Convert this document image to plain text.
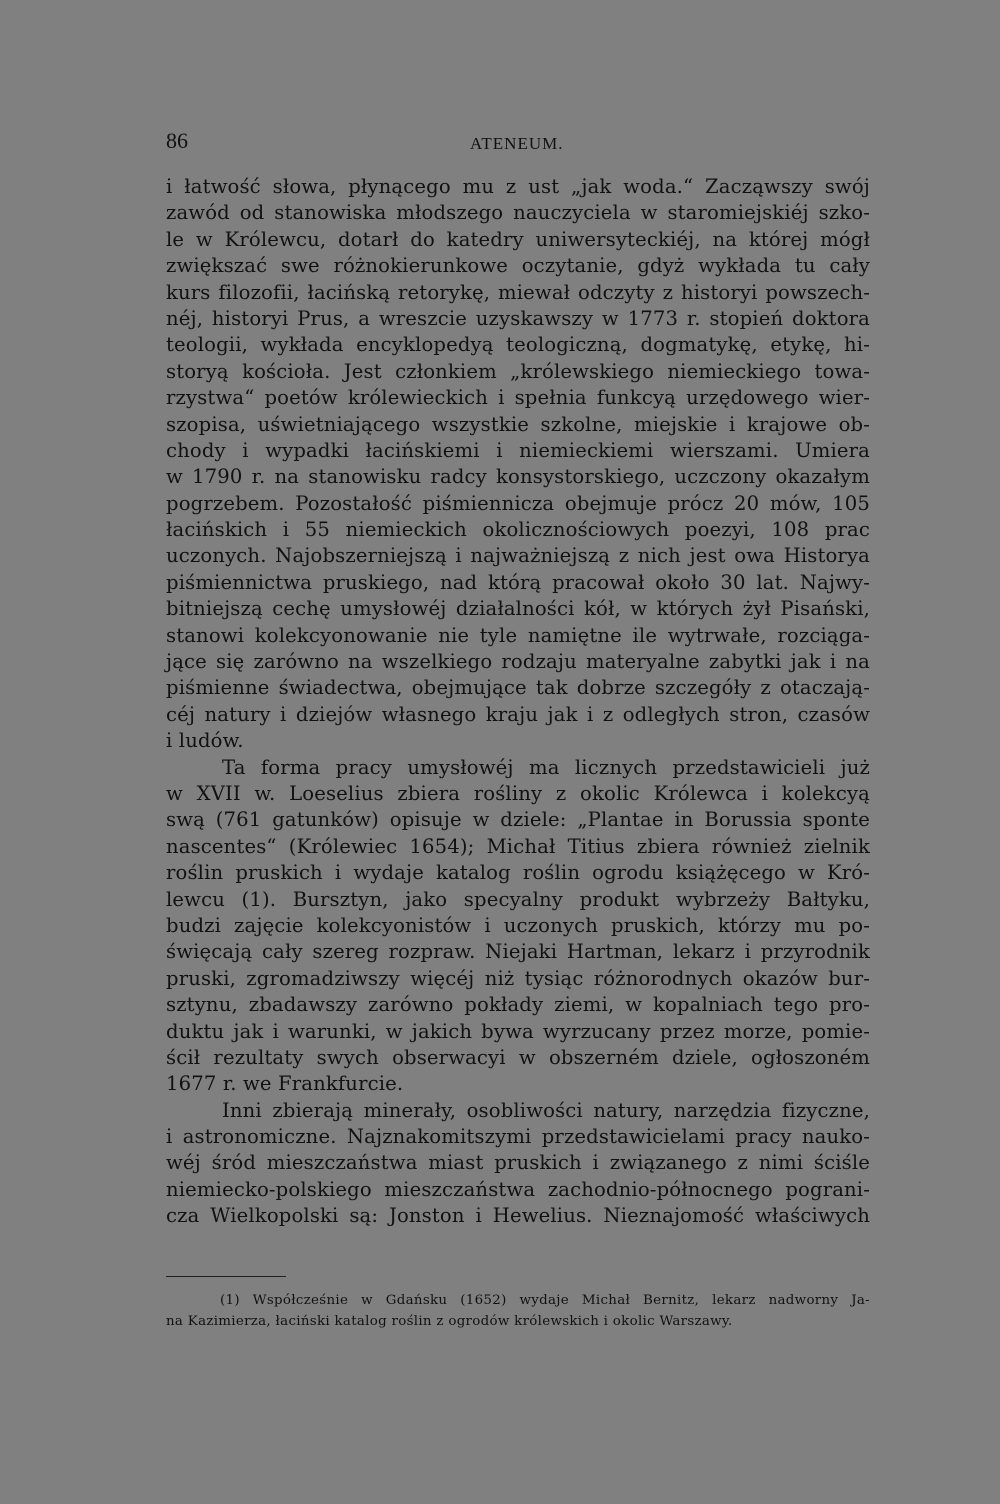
86	ATENEUM.
i łatwość słowa, płynącego mu z ust „jak woda.“ Zacząwszy swój
zawód od stanowiska młodszego nauczyciela w staromiejskiéj szko-
le w Królewcu, dotarł do katedry uniwersyteckiéj, na której mógł
zwiększać swe różnokierunkowe oczytanie, gdyż wykłada tu cały
kurs filozofii, łacińską retorykę, miewał odczyty z historyi powszech-
néj, historyi Prus, a wreszcie uzyskawszy w 1773 r. stopień doktora
teologii, wykłada encyklopedyą teologiczną, dogmatykę, etykę, hi-
storyą kościoła. Jest członkiem „królewskiego niemieckiego towa-
rzystwa“ poetów królewieckich i spełnia funkcyą urzędowego wier-
szopisa, uświetniającego wszystkie szkolne, miejskie i krajowe ob-
chody i wypadki łacińskiemi i niemieckiemi wierszami. Umiera
w 1790 r. na stanowisku radcy konsystorskiego, uczczony okazałym
pogrzebem. Pozostałość piśmiennicza obejmuje prócz 20 mów, 105
łacińskich i 55 niemieckich okolicznościowych poezyi, 108 prac
uczonych. Najobszerniejszą i najważniejszą z nich jest owa Historya
piśmiennictwa pruskiego, nad którą pracował około 30 lat. Najwy-
bitniejszą cechę umysłowéj działalności kół, w których żył Pisański,
stanowi kolekcyonowanie nie tyle namiętne ile wytrwałe, rozciąga-
jące się zarówno na wszelkiego rodzaju materyalne zabytki jak i na
piśmienne świadectwa, obejmujące tak dobrze szczegóły z otaczają-
céj natury i dziejów własnego kraju jak i z odległych stron, czasów
i ludów.
Ta forma pracy umysłowéj ma licznych przedstawicieli już
w XVII w. Loeselius zbiera rośliny z okolic Królewca i kolekcyą
swą (761 gatunków) opisuje w dziele: „Plantae in Borussia sponte
nascentes“ (Królewiec 1654); Michał Titius zbiera również zielnik
roślin pruskich i wydaje katalog roślin ogrodu książęcego w Kró-
lewcu (1). Bursztyn, jako specyalny produkt wybrzeży Bałtyku,
budzi zajęcie kolekcyonistów i uczonych pruskich, którzy mu po-
święcają cały szereg rozpraw. Niejaki Hartman, lekarz i przyrodnik
pruski, zgromadziwszy więcéj niż tysiąc różnorodnych okazów bur-
sztynu, zbadawszy zarówno pokłady ziemi, w kopalniach tego pro-
duktu jak i warunki, w jakich bywa wyrzucany przez morze, pomie-
ścił rezultaty swych obserwacyi w obszerném dziele, ogłoszoném
1677 r. we Frankfurcie.
Inni zbierają minerały, osobliwości natury, narzędzia fizyczne,
i astronomiczne. Najznakomitszymi przedstawicielami pracy nauko-
wéj śród mieszczaństwa miast pruskich i związanego z nimi ściśle
niemiecko-polskiego mieszczaństwa zachodnio-północnego pograni-
cza Wielkopolski są: Jonston i Hewelius. Nieznajomość właściwych
(1) Współcześnie w Gdańsku (1652) wydaje Michał Bernitz, lekarz nadworny Ja-
na Kazimierza, łaciński katalog roślin z ogrodów królewskich i okolic Warszawy.
